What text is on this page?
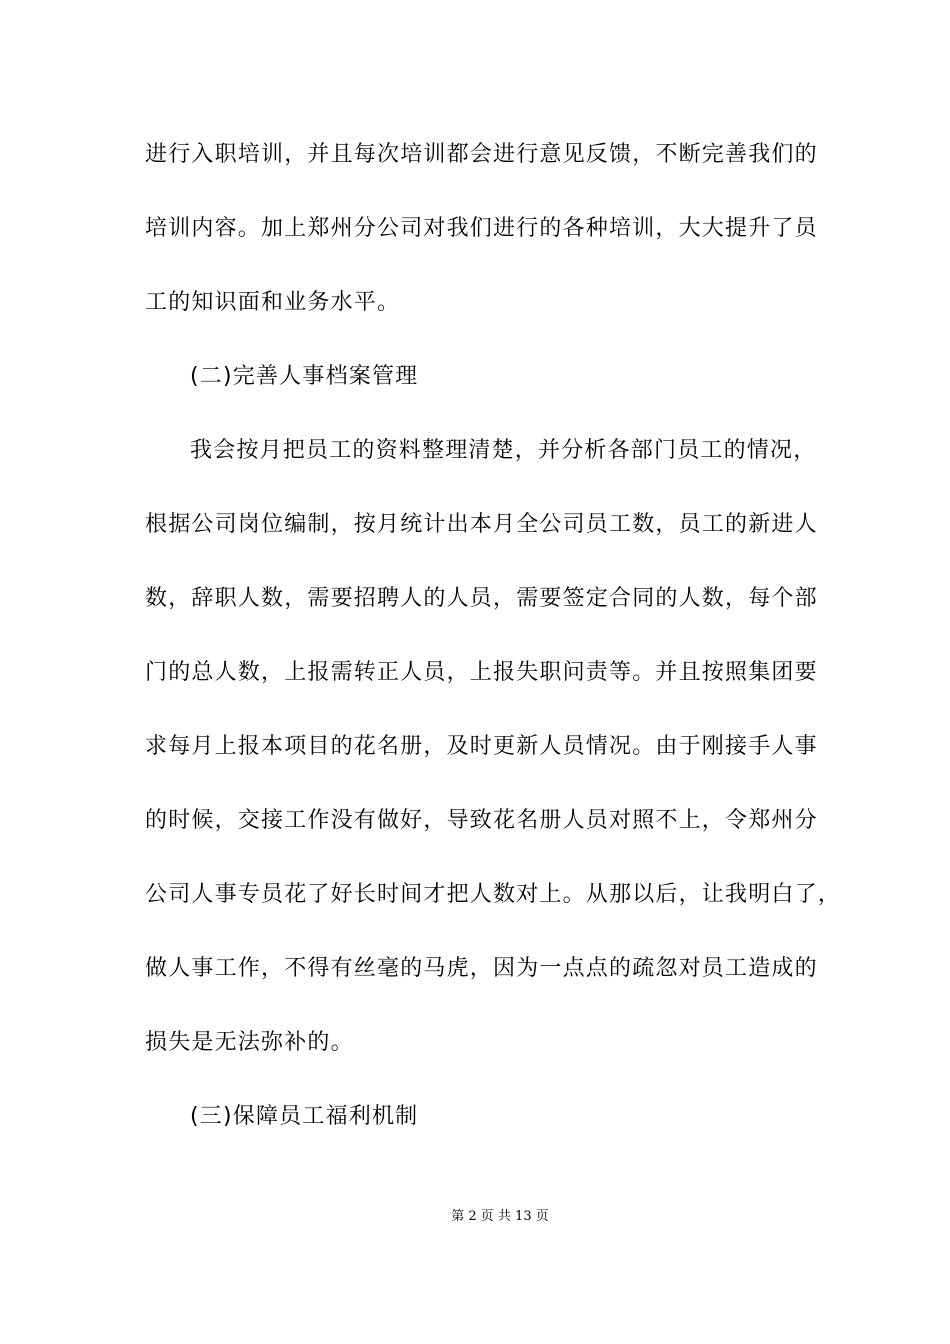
进行入职培训，并且每次培训都会进行意见反馈，不断完善我们的
培训内容。加上郑州分公司对我们进行的各种培训，大大提升了员
工的知识面和业务水平。
(二)完善人事档案管理
我会按月把员工的资料整理清楚，并分析各部门员工的情况，
根据公司岗位编制，按月统计出本月全公司员工数，员工的新进人
数，辞职人数，需要招聘人的人员，需要签定合同的人数，每个部
门的总人数，上报需转正人员，上报失职问责等。并且按照集团要
求每月上报本项目的花名册，及时更新人员情况。由于刚接手人事
的时候，交接工作没有做好，导致花名册人员对照不上，令郑州分
公司人事专员花了好长时间才把人数对上。从那以后，让我明白了，
做人事工作，不得有丝毫的马虎，因为一点点的疏忽对员工造成的
损失是无法弥补的。
(三)保障员工福利机制
第 2 页 共 13 页
